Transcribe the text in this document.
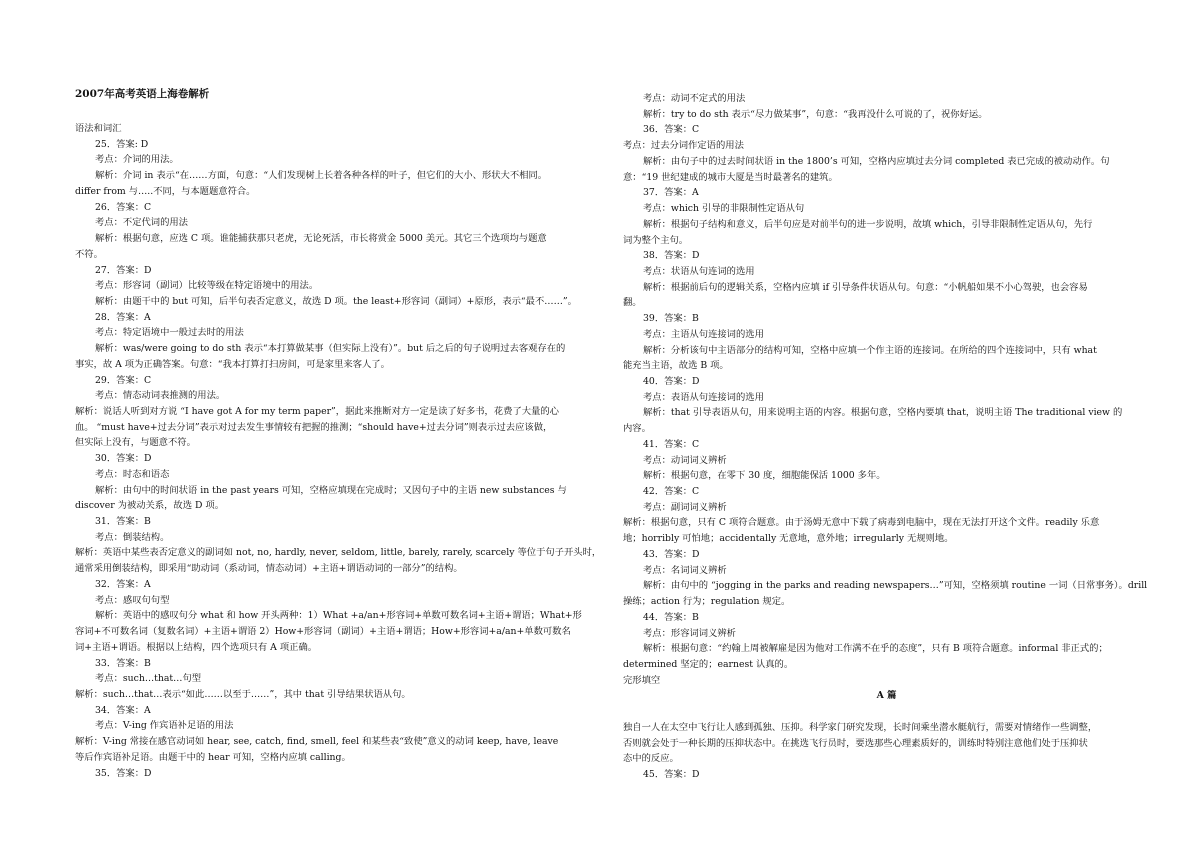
2007年高考英语上海卷解析
语法和词汇
25．答案: D
考点：介词的用法。
解析：介词 in 表示“在……方面，句意：“人们发现树上长着各种各样的叶子，但它们的大小、形状大不相同。
differ from 与…..不同，与本题题意符合。
26．答案：C
考点：不定代词的用法
解析：根据句意，应选 C 项。谁能捕获那只老虎，无论死活，市长将赏金 5000 美元。其它三个选项均与题意
不符。
27．答案：D
考点：形容词（副词）比较等级在特定语境中的用法。
解析：由题干中的 but 可知，后半句表否定意义，故选 D 项。the least+形容词（副词）+原形，表示“最不……”。
28．答案：A
考点：特定语境中一般过去时的用法
解析：was/were going to do sth 表示“本打算做某事（但实际上没有）”。but 后之后的句子说明过去客观存在的
事实，故 A 项为正确答案。句意：“我本打算打扫房间，可是家里来客人了。
29．答案：C
考点：情态动词表推测的用法。
解析：说话人听到对方说 “I have got A for my term paper”，据此来推断对方一定是读了好多书，花费了大量的心
血。 “must have+过去分词”表示对过去发生事情较有把握的推测；“should have+过去分词”则表示过去应该做，
但实际上没有，与题意不符。
30．答案：D
考点：时态和语态
解析：由句中的时间状语 in the past years 可知，空格应填现在完成时；又因句子中的主语 new substances 与
discover 为被动关系，故选 D 项。
31．答案：B
考点：倒装结构。
解析：英语中某些表否定意义的副词如 not, no, hardly, never, seldom, little, barely, rarely, scarcely 等位于句子开头时，
通常采用倒装结构，即采用“助动词（系动词，情态动词）+主语+谓语动词的一部分”的结构。
32．答案：A
考点：感叹句句型
解析：英语中的感叹句分 what 和 how 开头两种：1）What +a/an+形容词+单数可数名词+主语+谓语；What+形
容词+不可数名词（复数名词）+主语+谓语 2）How+形容词（副词）+主语+谓语；How+形容词+a/an+单数可数名
词+主语+谓语。根据以上结构，四个选项只有 A 项正确。
33．答案：B
考点：such…that…句型
解析：such…that…表示“如此……以至于……”，其中 that 引导结果状语从句。
34．答案：A
考点：V-ing 作宾语补足语的用法
解析：V-ing 常接在感官动词如 hear, see, catch, find, smell, feel 和某些表“致使”意义的动词 keep, have, leave
等后作宾语补足语。由题干中的 hear 可知，空格内应填 calling。
35．答案：D
考点：动词不定式的用法
解析：try to do sth 表示“尽力做某事”，句意：“我再没什么可说的了，祝你好运。
36．答案：C
考点：过去分词作定语的用法
解析：由句子中的过去时间状语 in the 1800’s 可知，空格内应填过去分词 completed 表已完成的被动动作。句
意：“19 世纪建成的城市大厦是当时最著名的建筑。
37．答案：A
考点：which 引导的非限制性定语从句
解析：根据句子结构和意义，后半句应是对前半句的进一步说明，故填 which，引导非限制性定语从句，先行
词为整个主句。
38．答案：D
考点：状语从句连词的选用
解析：根据前后句的逻辑关系，空格内应填 if 引导条件状语从句。句意：“小帆船如果不小心驾驶，也会容易
翻。
39．答案：B
考点：主语从句连接词的选用
解析：分析该句中主语部分的结构可知，空格中应填一个作主语的连接词。在所给的四个连接词中，只有 what
能充当主语，故选 B 项。
40．答案：D
考点：表语从句连接词的选用
解析：that 引导表语从句，用来说明主语的内容。根据句意，空格内要填 that，说明主语 The traditional view 的
内容。
41．答案：C
考点：动词词义辨析
解析：根据句意，在零下 30 度，细胞能保活 1000 多年。
42．答案：C
考点：副词词义辨析
解析：根据句意，只有 C 项符合题意。由于汤姆无意中下载了病毒到电脑中，现在无法打开这个文件。readily 乐意
地；horribly 可怕地；accidentally 无意地，意外地；irregularly 无规则地。
43．答案：D
考点：名词词义辨析
解析：由句中的 “jogging in the parks and reading newspapers…”可知，空格须填 routine 一词（日常事务）。drill
操练；action 行为；regulation 规定。
44．答案：B
考点：形容词词义辨析
解析：根据句意：“约翰上周被解雇是因为他对工作满不在乎的态度”，只有 B 项符合题意。informal 非正式的；
determined 坚定的；earnest 认真的。
完形填空
A 篇
独自一人在太空中飞行让人感到孤独、压抑。科学家门研究发现，长时间乘坐潜水艇航行，需要对情绪作一些调整，
否则就会处于一种长期的压抑状态中。在挑选飞行员时，要选那些心理素质好的，训练时特别注意他们处于压抑状
态中的反应。
45．答案：D
